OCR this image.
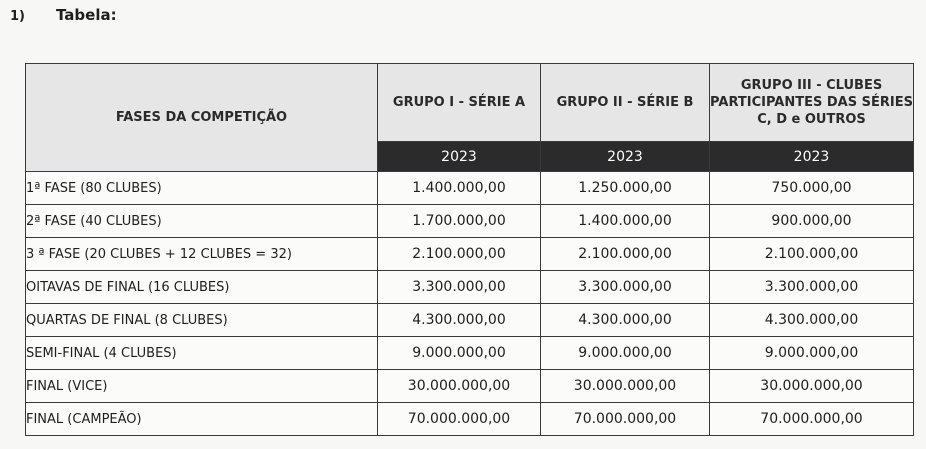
1)	Tabela:
FASES DA COMPETIÇÃO	GRUPO I - SÉRIE A	GRUPO II - SÉRIE B	GRUPO III - CLUBES PARTICIPANTES DAS SÉRIES C, D e OUTROS
	2023	2023	2023
1ª FASE (80 CLUBES)	1.400.000,00	1.250.000,00	750.000,00
2ª FASE (40 CLUBES)	1.700.000,00	1.400.000,00	900.000,00
3 ª FASE (20 CLUBES + 12 CLUBES = 32)	2.100.000,00	2.100.000,00	2.100.000,00
OITAVAS DE FINAL (16 CLUBES)	3.300.000,00	3.300.000,00	3.300.000,00
QUARTAS DE FINAL (8 CLUBES)	4.300.000,00	4.300.000,00	4.300.000,00
SEMI-FINAL (4 CLUBES)	9.000.000,00	9.000.000,00	9.000.000,00
FINAL (VICE)	30.000.000,00	30.000.000,00	30.000.000,00
FINAL (CAMPEÃO)	70.000.000,00	70.000.000,00	70.000.000,00
